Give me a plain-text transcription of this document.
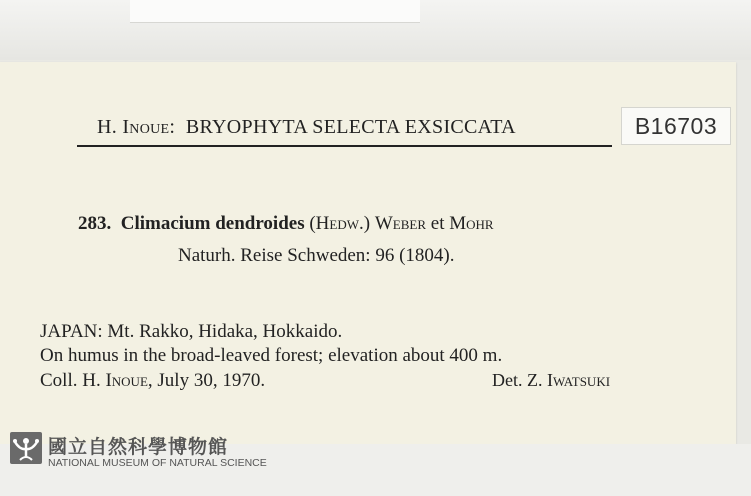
H. Inoue: BRYOPHYTA SELECTA EXSICCATA	B16703
283. Climacium dendroides (Hedw.) Weber et Mohr
Naturh. Reise Schweden: 96 (1804).
JAPAN: Mt. Rakko, Hidaka, Hokkaido.
On humus in the broad-leaved forest; elevation about 400 m.
Coll. H. Inoue, July 30, 1970.	Det. Z. Iwatsuki
國立自然科學博物館
NATIONAL MUSEUM OF NATURAL SCIENCE
